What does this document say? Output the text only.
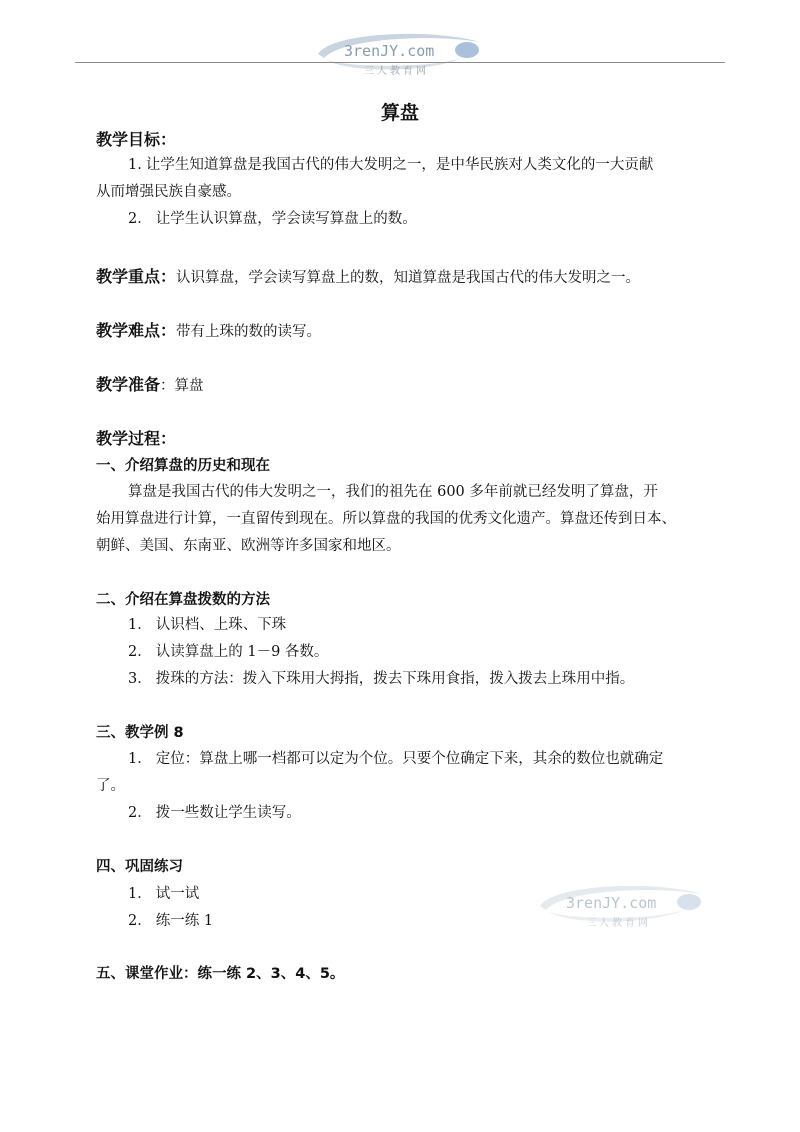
3renJY.com
三人教育网
3renJY.com
三人教育网
算盘
教学目标：
1. 让学生知道算盘是我国古代的伟大发明之一，是中华民族对人类文化的一大贡献
从而增强民族自豪感。
2． 让学生认识算盘，学会读写算盘上的数。
教学重点：认识算盘，学会读写算盘上的数，知道算盘是我国古代的伟大发明之一。
教学难点：带有上珠的数的读写。
教学准备：算盘
教学过程：
一、介绍算盘的历史和现在
算盘是我国古代的伟大发明之一，我们的祖先在 600 多年前就已经发明了算盘，开
始用算盘进行计算，一直留传到现在。所以算盘的我国的优秀文化遗产。算盘还传到日本、
朝鲜、美国、东南亚、欧洲等许多国家和地区。
二、介绍在算盘拨数的方法
1． 认识档、上珠、下珠
2． 认读算盘上的 1－9 各数。
3． 拨珠的方法：拨入下珠用大拇指，拨去下珠用食指，拨入拨去上珠用中指。
三、教学例 8
1． 定位：算盘上哪一档都可以定为个位。只要个位确定下来，其余的数位也就确定
了。
2． 拨一些数让学生读写。
四、巩固练习
1． 试一试
2． 练一练 1
五、课堂作业：练一练 2、3、4、5。
